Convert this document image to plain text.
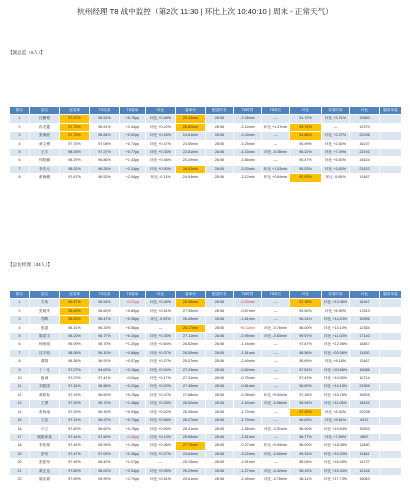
杭州经理 T8 战中监控（第2次 11:30 | 环比上次 10:40:10 | 周末 - 正常天气）
【副总监（6人）】
排名	姓名	完成率	T8完成	T8客单	环比	客单价	配送时长	T8时效	T8时长	环比	非准时率	环比	服务单量
1	汪鹏程	97.67%	96.51%	+0.76pp	环比 +0.48%	25.44min	28:06	-2.28min	—	91.72%	环比 +3.21%	13560	
2	孙龙鑫	97.75%	96.51%	+1.44pp	环比 +0.22%	25.82min	28:06	-2.14min	环比 +1.37min	93.74%	—	12370	
3	张海波	97.75%	96.84%	+0.92pp	环比 +0.18%	24.61min	28:06	-3.43min	—	94.68%	环比 +2.27%	22298	
4	黄文博	97.70%	97.08%	+0.73pp	环比 +0.47%	23.50min	28:06	-3.25min	—	95.99%	环比 +2.50%	16237	
5	王宇	98.04%	97.27%	+0.77pp	环比 +0.33%	22.81min	28:06	-4.33min	环比 -0.35min	96.22%	环比 +7.09%	22193	
6	何阳鹏	98.29%	96.86%	+1.43pp	环比 +0.46%	24.29min	28:06	-3.86min	—	95.47%	环比 +5.50%	14624	
7	李杰元	98.02%	96.28%	+2.34pp	环比 +0.50%	26.02min	28:06	-2.03min	环比 +1.53min	95.53%	环比 +3.83%	21622	
8	黄海鹏	97.67%	96.53%	+2.54pp	环比 -0.11%	24.94min	28:06	-3.12min	环比 +0.69min	92.93%	环比 -0.06%	13467	
【总包经理（24人）】
排名	姓名	完成率	T8完成	T8客单	环比	客单价	配送时长	T8时效	T8时长	环比	非准时率	环比	服务单量
1	方伟	96.47%	96.54%	-0.07pp	环比 +0.45%	28.06min	28:06	-0.03min	—	97.18%	环比 +13.46%	16347	
2	张萌华	96.49%	96.60%	+0.89pp	环比 +0.51%	27.39min	28:06	-0.67min	—	99.50%	环比 +8.90%	17813	
3	郑辉	96.53%	96.47%	+0.06pp	环比 -0.02%	26.45min	28:06	-1.61min	—	96.24%	环比 +14.23%	15996	
4	张超	98.31%	96.33%	+0.56pp	—	28.17min	28:06	+0.11min	环比 -0.76min	98.00%	环比 +14.10%	12384	
5	陈浩宇	98.02%	96.77%	+0.10pp	环比 +0.35%	27.11min	28:06	-0.95min	环比 -0.63min	99.57%	环比 +11.03%	17140	
6	杨炜明	96.09%	95.70%	+1.20pp	环比 +0.60%	26.62min	28:06	-1.44min	—	97.87%	环比 +12.98%	16847	
7	沈宇航	98.08%	96.10%	+0.68pp	环比 +0.37%	26.55min	28:06	-1.51min	—	98.56%	环比 +20.06%	11920	
8	谭翔	98.36%	96.91%	+0.57pp	环比 +0.27%	25.57min	28:06	-2.49min	—	98.69%	环比 +8.18%	13467	
9	丁一凡	97.07%	94.63%	+2.16pp	环比 +0.34%	27.24min	28:06	-0.82min	—	97.51%	环比 +20.66%	15086	
10	唐诚	97.07%	97.41%	-0.04pp	环比 +0.17%	27.31min	28:06	-0.75min	—	97.42%	环比 +10.00%	10714	
11	刘凯国	97.34%	96.88%	+0.22pp	环比 +0.20%	27.45min	28:06	-0.61min	—	96.60%	环比 +14.15%	21959	
12	黄栋标	97.19%	96.60%	+0.78pp	环比 +0.47%	27.68min	28:06	-0.38min	环比 +0.60min	97.18%	环比 +15.78%	16505	
13	王勇	97.20%	95.72%	+1.48pp	环比 +0.25%	26.52min	28:06	-1.54min	环比 -0.66min	98.94%	环比 +11.05%	18432	
14	张尚南	97.29%	96.30%	+0.94pp	环比 +0.42%	26.36min	28:06	-1.70min	—	97.45%	环比 +8.40%	20238	
15	王浩	97.31%	96.37%	+0.74pp	环比 +0.58%	26.27min	28:06	-1.79min	—	96.83%	环比 +8.61%	8137	
16	卢立	97.40%	96.62%	+0.78pp	环比 +0.55%	26.41min	28:06	-1.65min	环比 -0.51min	98.90%	环比 +19.54%	15593	
17	顾郎家欢	97.44%	97.69%	-0.25pp	环比 +0.13%	25.55min	28:06	-2.51min	—	98.77%	环比 +7.59%	8807	
18	李佳豪	97.44%	95.99%	+1.45pp	环比 +0.36%	27.79min	28:06	-0.27min	环比 +0.58min	98.00%	环比 +18.08%	11890	
19	彭荣	97.47%	97.09%	+0.38pp	环比 +0.27%	24.84min	28:06	-3.22min	环比 -0.60min	99.34%	环比 +10.20%	11461	
20	张凯军	97.49%	96.42%	+1.07pp	—	25.15min	28:06	-2.91min	—	98.04%	环比 +16.09%	14737	
21	黄正达	97.60%	96.02%	+2.54pp	环比 +0.39%	26.29min	28:06	-1.27min	环比 -0.42min	98.15%	环比 +15.43%	12146	
22	陈乐斌	97.69%	95.99%	+1.70pp	环比 +0.51%	25.61min	28:06	-2.45min	环比 -0.76min	98.11%	环比 +17.73%	15063	
